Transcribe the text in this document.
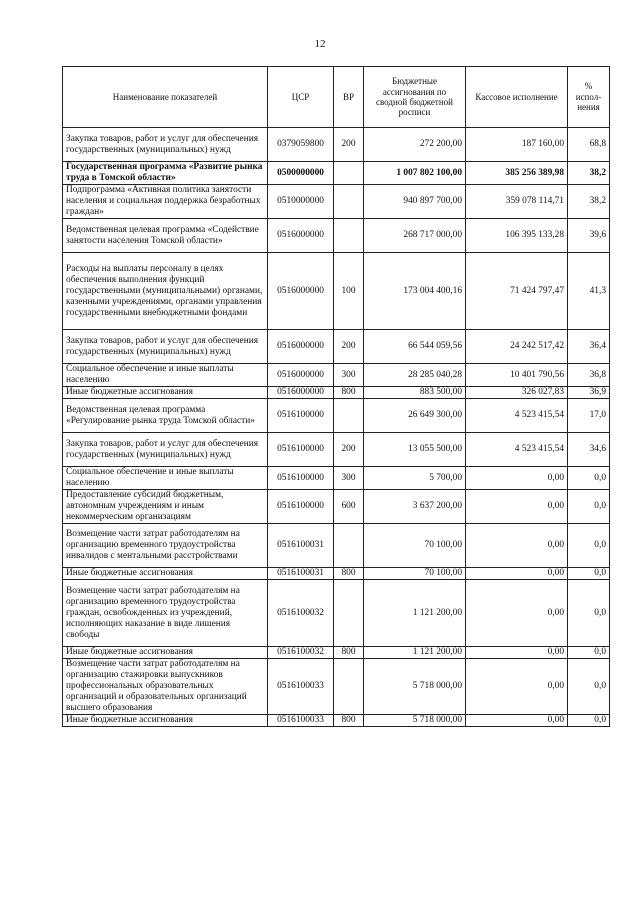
12
Наименование показателей	ЦСР	ВР	Бюджетные ассигнования по сводной бюджетной росписи	Кассовое исполнение	% испол-нения
Закупка товаров, работ и услуг для обеспечения государственных (муниципальных) нужд	0379059800	200	272 200,00	187 160,00	68,8
Государственная программа «Развитие рынка труда в Томской области»	0500000000		1 007 802 100,00	385 256 389,98	38,2
Подпрограмма «Активная политика занятости населения и социальная поддержка безработных граждан»	0510000000		940 897 700,00	359 078 114,71	38,2
Ведомственная целевая программа «Содействие занятости населения Томской области»	0516000000		268 717 000,00	106 395 133,28	39,6
Расходы на выплаты персоналу в целях обеспечения выполнения функций государственными (муниципальными) органами, казенными учреждениями, органами управления государственными внебюджетными фондами	0516000000	100	173 004 400,16	71 424 797,47	41,3
Закупка товаров, работ и услуг для обеспечения государственных (муниципальных) нужд	0516000000	200	66 544 059,56	24 242 517,42	36,4
Социальное обеспечение и иные выплаты населению	0516000000	300	28 285 040,28	10 401 790,56	36,8
Иные бюджетные ассигнования	0516000000	800	883 500,00	326 027,83	36,9
Ведомственная целевая программа «Регулирование рынка труда Томской области»	0516100000		26 649 300,00	4 523 415,54	17,0
Закупка товаров, работ и услуг для обеспечения государственных (муниципальных) нужд	0516100000	200	13 055 500,00	4 523 415,54	34,6
Социальное обеспечение и иные выплаты населению	0516100000	300	5 700,00	0,00	0,0
Предоставление субсидий бюджетным, автономным учреждениям и иным некоммерческим организациям	0516100000	600	3 637 200,00	0,00	0,0
Возмещение части затрат работодателям на организацию временного трудоустройства инвалидов с ментальными расстройствами	0516100031		70 100,00	0,00	0,0
Иные бюджетные ассигнования	0516100031	800	70 100,00	0,00	0,0
Возмещение части затрат работодателям на организацию временного трудоустройства граждан, освобожденных из учреждений, исполняющих наказание в виде лишения свободы	0516100032		1 121 200,00	0,00	0,0
Иные бюджетные ассигнования	0516100032	800	1 121 200,00	0,00	0,0
Возмещение части затрат работодателям на организацию стажировки выпускников профессиональных образовательных организаций и образовательных организаций высшего образования	0516100033		5 718 000,00	0,00	0,0
Иные бюджетные ассигнования	0516100033	800	5 718 000,00	0,00	0,0
